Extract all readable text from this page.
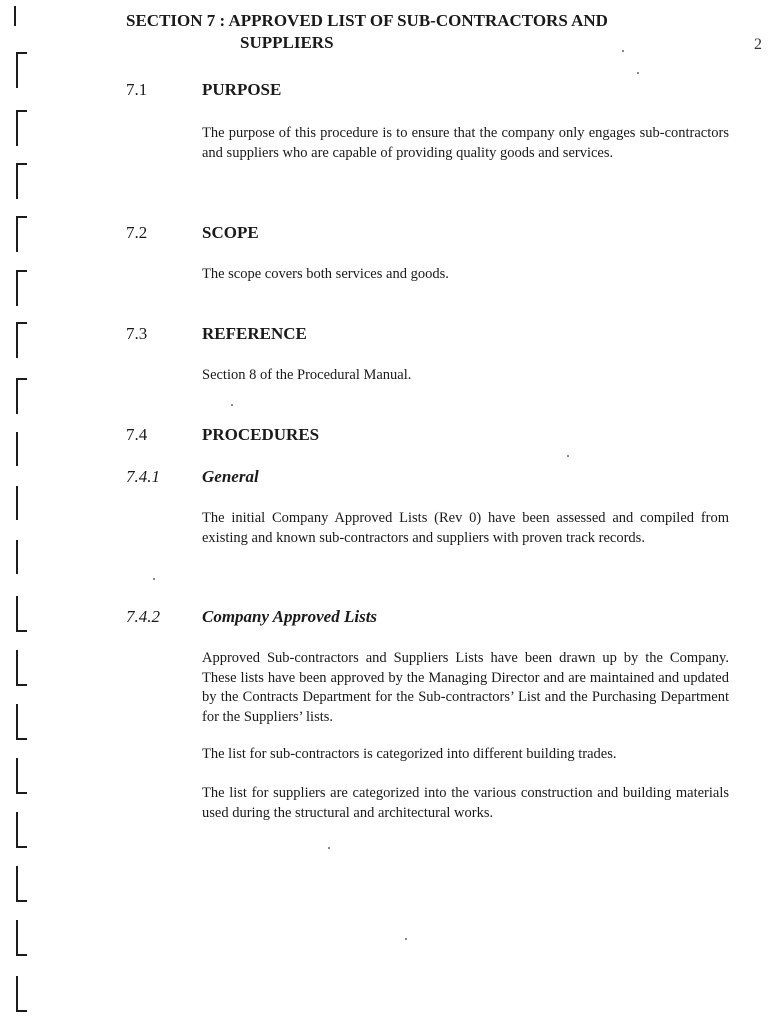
2
SECTION 7 : APPROVED LIST OF SUB-CONTRACTORS AND
SUPPLIERS
7.1	PURPOSE
The purpose of this procedure is to ensure that the company only engages sub-contractors and suppliers who are capable of providing quality goods and services.
7.2	SCOPE
The scope covers both services and goods.
7.3	REFERENCE
Section 8 of the Procedural Manual.
7.4	PROCEDURES
7.4.1 General
The initial Company Approved Lists (Rev 0) have been assessed and compiled from existing and known sub-contractors and suppliers with proven track records.
7.4.2 Company Approved Lists
Approved Sub-contractors and Suppliers Lists have been drawn up by the Company. These lists have been approved by the Managing Director and are maintained and updated by the Contracts Department for the Sub-contractors’ List and the Purchasing Department for the Suppliers’ lists.
The list for sub-contractors is categorized into different building trades.
The list for suppliers are categorized into the various construction and building materials used during the structural and architectural works.
